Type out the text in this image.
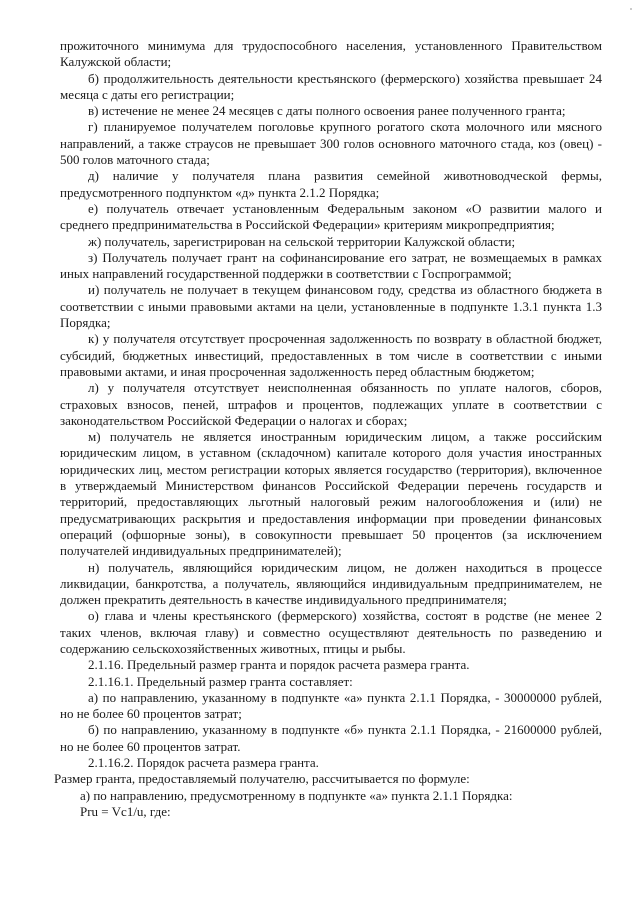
прожиточного минимума для трудоспособного населения, установленного Правительством Калужской области;

б) продолжительность деятельности крестьянского (фермерского) хозяйства превышает 24 месяца с даты его регистрации;

в) истечение не менее 24 месяцев с даты полного освоения ранее полученного гранта;

г) планируемое получателем поголовье крупного рогатого скота молочного или мясного направлений, а также страусов не превышает 300 голов основного маточного стада, коз (овец) - 500 голов маточного стада;

д) наличие у получателя плана развития семейной животноводческой фермы, предусмотренного подпунктом «д» пункта 2.1.2 Порядка;

е) получатель отвечает установленным Федеральным законом «О развитии малого и среднего предпринимательства в Российской Федерации» критериям микропредприятия;

ж) получатель, зарегистрирован на сельской территории Калужской области;

з) Получатель получает грант на софинансирование его затрат, не возмещаемых в рамках иных направлений государственной поддержки в соответствии с Госпрограммой;

и) получатель не получает в текущем финансовом году, средства из областного бюджета в соответствии с иными правовыми актами на цели, установленные в подпункте 1.3.1 пункта 1.3 Порядка;

к) у получателя отсутствует просроченная задолженность по возврату в областной бюджет, субсидий, бюджетных инвестиций, предоставленных в том числе в соответствии с иными правовыми актами, и иная просроченная задолженность перед областным бюджетом;

л) у получателя отсутствует неисполненная обязанность по уплате налогов, сборов, страховых взносов, пеней, штрафов и процентов, подлежащих уплате в соответствии с законодательством Российской Федерации о налогах и сборах;

м) получатель не является иностранным юридическим лицом, а также российским юридическим лицом, в уставном (складочном) капитале которого доля участия иностранных юридических лиц, местом регистрации которых является государство (территория), включенное в утверждаемый Министерством финансов Российской Федерации перечень государств и территорий, предоставляющих льготный налоговый режим налогообложения и (или) не предусматривающих раскрытия и предоставления информации при проведении финансовых операций (офшорные зоны), в совокупности превышает 50 процентов (за исключением получателей индивидуальных предпринимателей);

н) получатель, являющийся юридическим лицом, не должен находиться в процессе ликвидации, банкротства, а получатель, являющийся индивидуальным предпринимателем, не должен прекратить деятельность в качестве индивидуального предпринимателя;

о) глава и члены крестьянского (фермерского) хозяйства, состоят в родстве (не менее 2 таких членов, включая главу) и совместно осуществляют деятельность по разведению и содержанию сельскохозяйственных животных, птицы и рыбы.

2.1.16. Предельный размер гранта и порядок расчета размера гранта.

2.1.16.1. Предельный размер гранта составляет:

а) по направлению, указанному в подпункте «а» пункта 2.1.1 Порядка, - 30000000 рублей, но не более 60 процентов затрат;

б) по направлению, указанному в подпункте «б» пункта 2.1.1 Порядка, - 21600000 рублей, но не более 60 процентов затрат.

2.1.16.2. Порядок расчета размера гранта.

Размер гранта, предоставляемый получателю, рассчитывается по формуле:

а) по направлению, предусмотренному в подпункте «а» пункта 2.1.1 Порядка:

Pru = Vc1/u, где:
